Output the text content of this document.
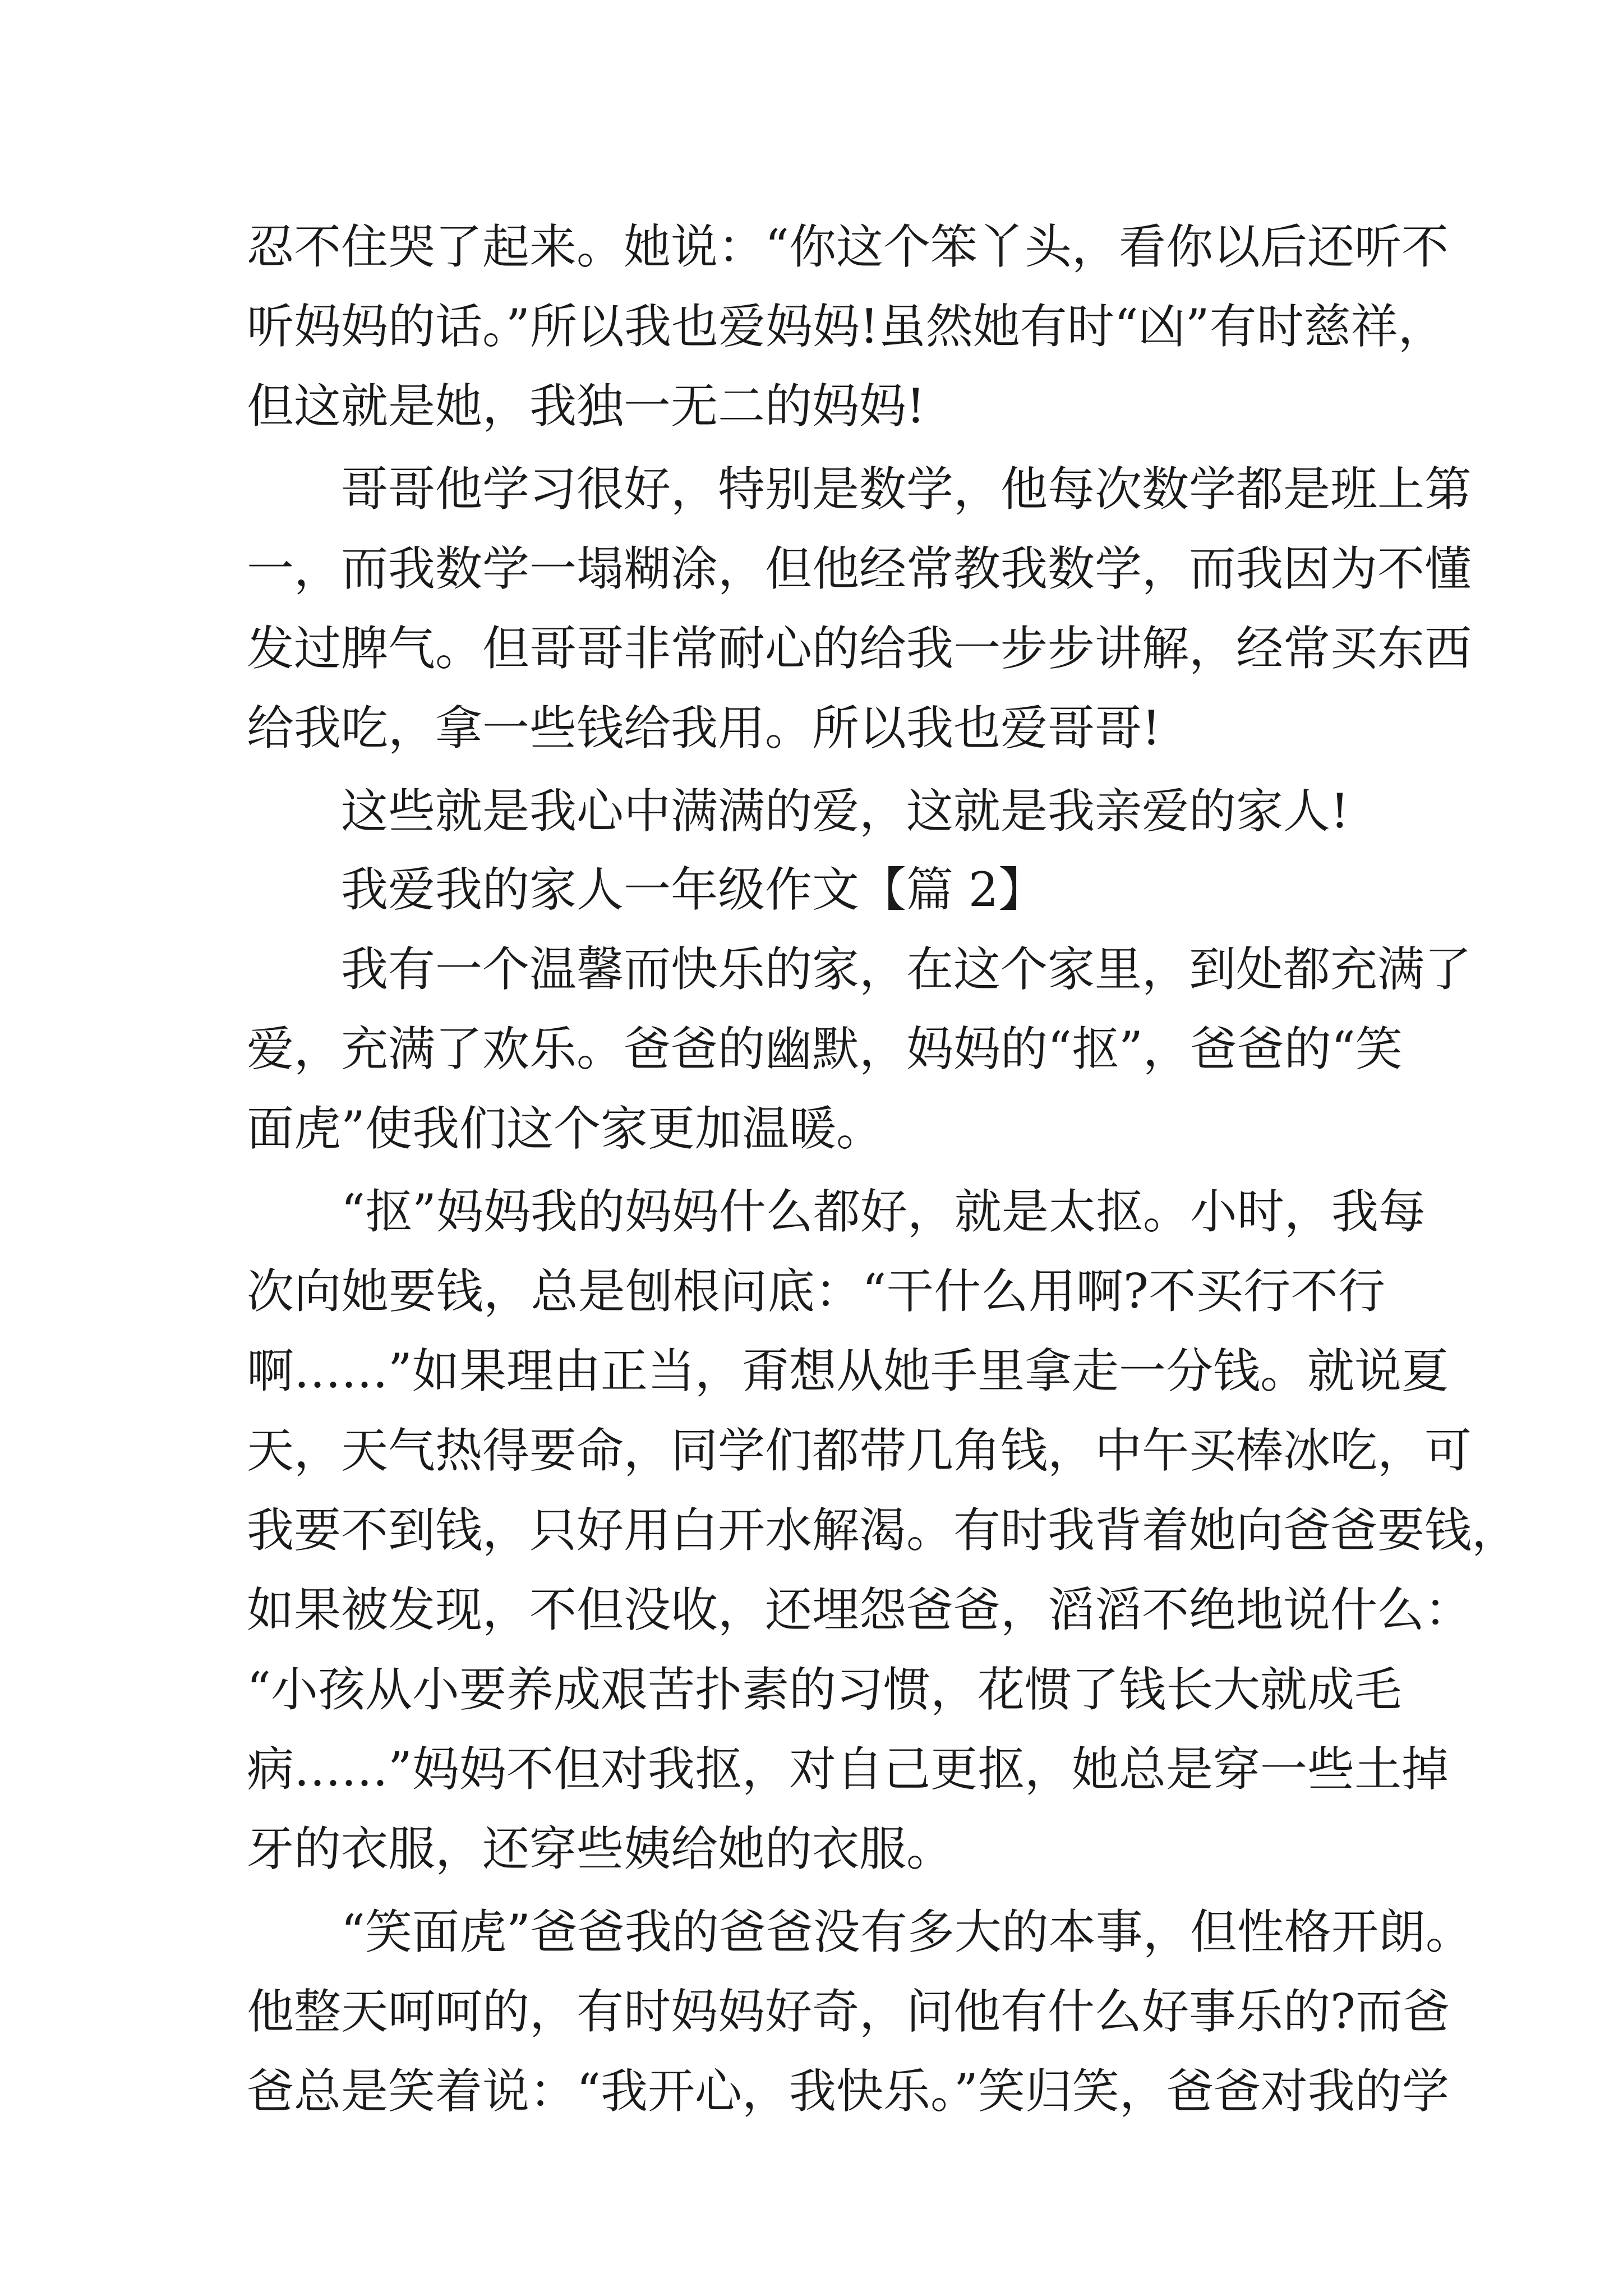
忍不住哭了起来。她说：“你这个笨丫头，看你以后还听不
听妈妈的话。”所以我也爱妈妈!虽然她有时“凶”有时慈祥，
但这就是她，我独一无二的妈妈!
哥哥他学习很好，特别是数学，他每次数学都是班上第
一，而我数学一塌糊涂，但他经常教我数学，而我因为不懂
发过脾气。但哥哥非常耐心的给我一步步讲解，经常买东西
给我吃，拿一些钱给我用。所以我也爱哥哥!
这些就是我心中满满的爱，这就是我亲爱的家人!
我爱我的家人一年级作文【篇 2】
我有一个温馨而快乐的家，在这个家里，到处都充满了
爱，充满了欢乐。爸爸的幽默，妈妈的“抠”，爸爸的“笑
面虎”使我们这个家更加温暖。
“抠”妈妈我的妈妈什么都好，就是太抠。小时，我每
次向她要钱，总是刨根问底：“干什么用啊?不买行不行
啊……”如果理由正当，甭想从她手里拿走一分钱。就说夏
天，天气热得要命，同学们都带几角钱，中午买棒冰吃，可
我要不到钱，只好用白开水解渴。有时我背着她向爸爸要钱，
如果被发现，不但没收，还埋怨爸爸，滔滔不绝地说什么：
“小孩从小要养成艰苦扑素的习惯，花惯了钱长大就成毛
病……”妈妈不但对我抠，对自己更抠，她总是穿一些土掉
牙的衣服，还穿些姨给她的衣服。
“笑面虎”爸爸我的爸爸没有多大的本事，但性格开朗。
他整天呵呵的，有时妈妈好奇，问他有什么好事乐的?而爸
爸总是笑着说：“我开心，我快乐。”笑归笑，爸爸对我的学
